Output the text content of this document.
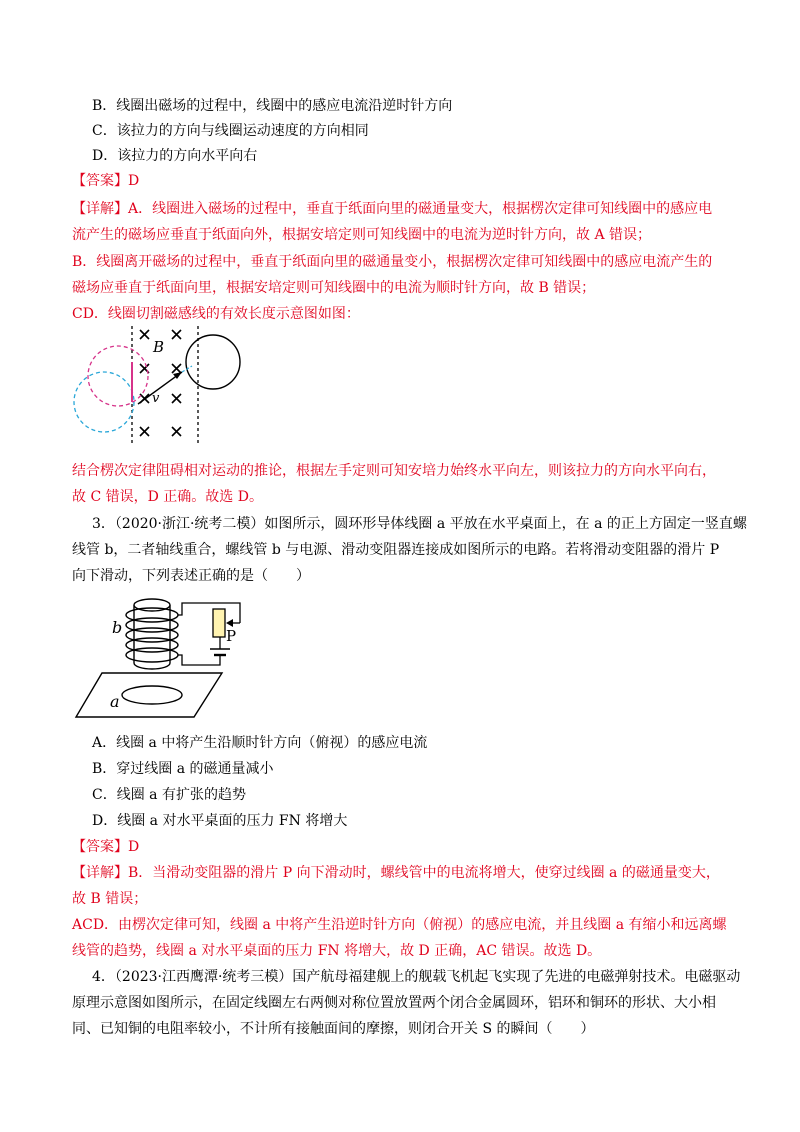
B．线圈出磁场的过程中，线圈中的感应电流沿逆时针方向
C．该拉力的方向与线圈运动速度的方向相同
D．该拉力的方向水平向右
【答案】D
【详解】A．线圈进入磁场的过程中，垂直于纸面向里的磁通量变大，根据楞次定律可知线圈中的感应电
流产生的磁场应垂直于纸面向外，根据安培定则可知线圈中的电流为逆时针方向，故 A 错误；
B．线圈离开磁场的过程中，垂直于纸面向里的磁通量变小，根据楞次定律可知线圈中的感应电流产生的
磁场应垂直于纸面向里，根据安培定则可知线圈中的电流为顺时针方向，故 B 错误；
CD．线圈切割磁感线的有效长度示意图如图：
B
v
结合楞次定律阻碍相对运动的推论，根据左手定则可知安培力始终水平向左，则该拉力的方向水平向右，
故 C 错误，D 正确。故选 D。
3．（2020·浙江·统考二模）如图所示，圆环形导体线圈 a 平放在水平桌面上，在 a 的正上方固定一竖直螺
线管 b，二者轴线重合，螺线管 b 与电源、滑动变阻器连接成如图所示的电路。若将滑动变阻器的滑片 P
向下滑动，下列表述正确的是（　　）
b	P
a
A．线圈 a 中将产生沿顺时针方向（俯视）的感应电流
B．穿过线圈 a 的磁通量减小
C．线圈 a 有扩张的趋势
D．线圈 a 对水平桌面的压力 FN 将增大
【答案】D
【详解】B．当滑动变阻器的滑片 P 向下滑动时，螺线管中的电流将增大，使穿过线圈 a 的磁通量变大，
故 B 错误；
ACD．由楞次定律可知，线圈 a 中将产生沿逆时针方向（俯视）的感应电流，并且线圈 a 有缩小和远离螺
线管的趋势，线圈 a 对水平桌面的压力 FN 将增大，故 D 正确，AC 错误。故选 D。
4．（2023·江西鹰潭·统考三模）国产航母福建舰上的舰载飞机起飞实现了先进的电磁弹射技术。电磁驱动
原理示意图如图所示，在固定线圈左右两侧对称位置放置两个闭合金属圆环，铝环和铜环的形状、大小相
同、已知铜的电阻率较小，不计所有接触面间的摩擦，则闭合开关 S 的瞬间（　　）
